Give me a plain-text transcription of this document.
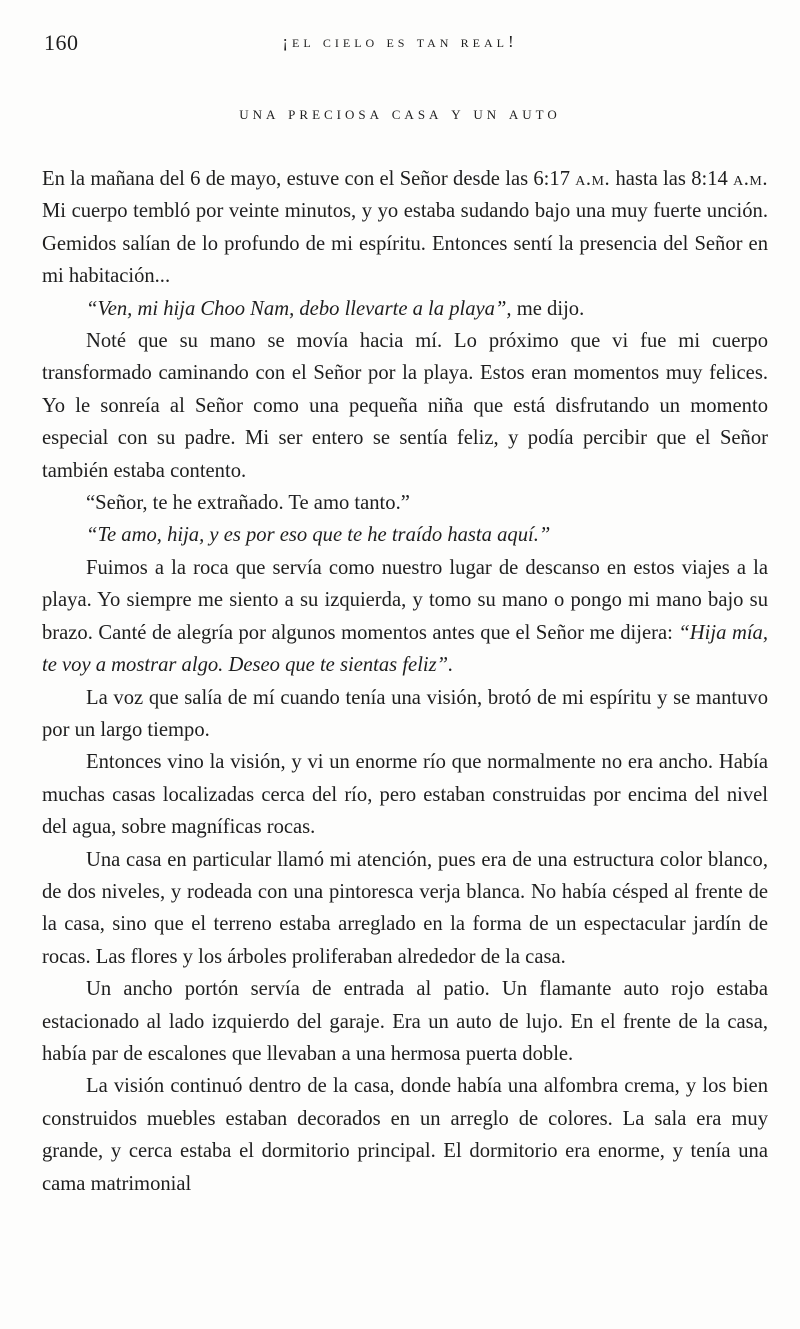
160	¡el cielo es tan real!
una preciosa casa y un auto

En la mañana del 6 de mayo, estuve con el Señor desde las 6:17 a.m. hasta las 8:14 a.m. Mi cuerpo tembló por veinte minutos, y yo estaba sudando bajo una muy fuerte unción. Gemidos salían de lo profundo de mi espíritu. Entonces sentí la presencia del Señor en mi habitación...

“Ven, mi hija Choo Nam, debo llevarte a la playa”, me dijo.

Noté que su mano se movía hacia mí. Lo próximo que vi fue mi cuerpo transformado caminando con el Señor por la playa. Estos eran momentos muy felices. Yo le sonreía al Señor como una pequeña niña que está disfrutando un momento especial con su padre. Mi ser entero se sentía feliz, y podía percibir que el Señor también estaba contento.

“Señor, te he extrañado. Te amo tanto.”

“Te amo, hija, y es por eso que te he traído hasta aquí.”

Fuimos a la roca que servía como nuestro lugar de descanso en estos viajes a la playa. Yo siempre me siento a su izquierda, y tomo su mano o pongo mi mano bajo su brazo. Canté de alegría por algunos momentos antes que el Señor me dijera: “Hija mía, te voy a mostrar algo. Deseo que te sientas feliz”.

La voz que salía de mí cuando tenía una visión, brotó de mi espíritu y se mantuvo por un largo tiempo.

Entonces vino la visión, y vi un enorme río que normalmente no era ancho. Había muchas casas localizadas cerca del río, pero estaban construidas por encima del nivel del agua, sobre magníficas rocas.

Una casa en particular llamó mi atención, pues era de una estructura color blanco, de dos niveles, y rodeada con una pintoresca verja blanca. No había césped al frente de la casa, sino que el terreno estaba arreglado en la forma de un espectacular jardín de rocas. Las flores y los árboles proliferaban alrededor de la casa.

Un ancho portón servía de entrada al patio. Un flamante auto rojo estaba estacionado al lado izquierdo del garaje. Era un auto de lujo. En el frente de la casa, había par de escalones que llevaban a una hermosa puerta doble.

La visión continuó dentro de la casa, donde había una alfombra crema, y los bien construidos muebles estaban decorados en un arreglo de colores. La sala era muy grande, y cerca estaba el dormitorio principal. El dormitorio era enorme, y tenía una cama matrimonial
